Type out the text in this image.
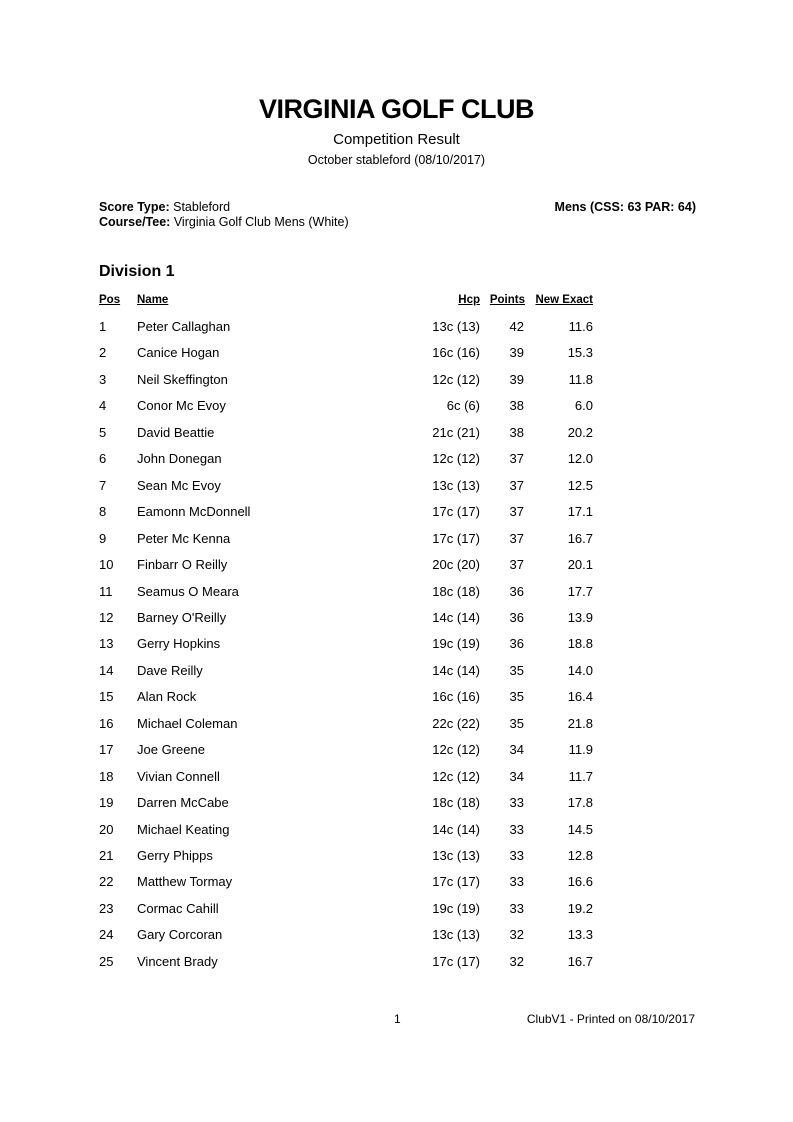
VIRGINIA GOLF CLUB
Competition Result
October stableford (08/10/2017)
Score Type: Stableford
Course/Tee: Virginia Golf Club Mens (White)
Mens (CSS: 63 PAR: 64)
Division 1
Pos Name	Hcp Points New Exact
1 Peter Callaghan	13c (13) 42	11.6
2 Canice Hogan	16c (16) 39	15.3
3 Neil Skeffington	12c (12) 39	11.8
4 Conor Mc Evoy	6c (6) 38	6.0
5 David Beattie	21c (21) 38	20.2
6 John Donegan	12c (12) 37	12.0
7 Sean Mc Evoy	13c (13) 37	12.5
8 Eamonn McDonnell	17c (17) 37	17.1
9 Peter Mc Kenna	17c (17) 37	16.7
10 Finbarr O Reilly	20c (20) 37	20.1
11 Seamus O Meara	18c (18) 36	17.7
12 Barney O'Reilly	14c (14) 36	13.9
13 Gerry Hopkins	19c (19) 36	18.8
14 Dave Reilly	14c (14) 35	14.0
15 Alan Rock	16c (16) 35	16.4
16 Michael Coleman	22c (22) 35	21.8
17 Joe Greene	12c (12) 34	11.9
18 Vivian Connell	12c (12) 34	11.7
19 Darren McCabe	18c (18) 33	17.8
20 Michael Keating	14c (14) 33	14.5
21 Gerry Phipps	13c (13) 33	12.8
22 Matthew Tormay	17c (17) 33	16.6
23 Cormac Cahill	19c (19) 33	19.2
24 Gary Corcoran	13c (13) 32	13.3
25 Vincent Brady	17c (17) 32	16.7
1	ClubV1 - Printed on 08/10/2017
